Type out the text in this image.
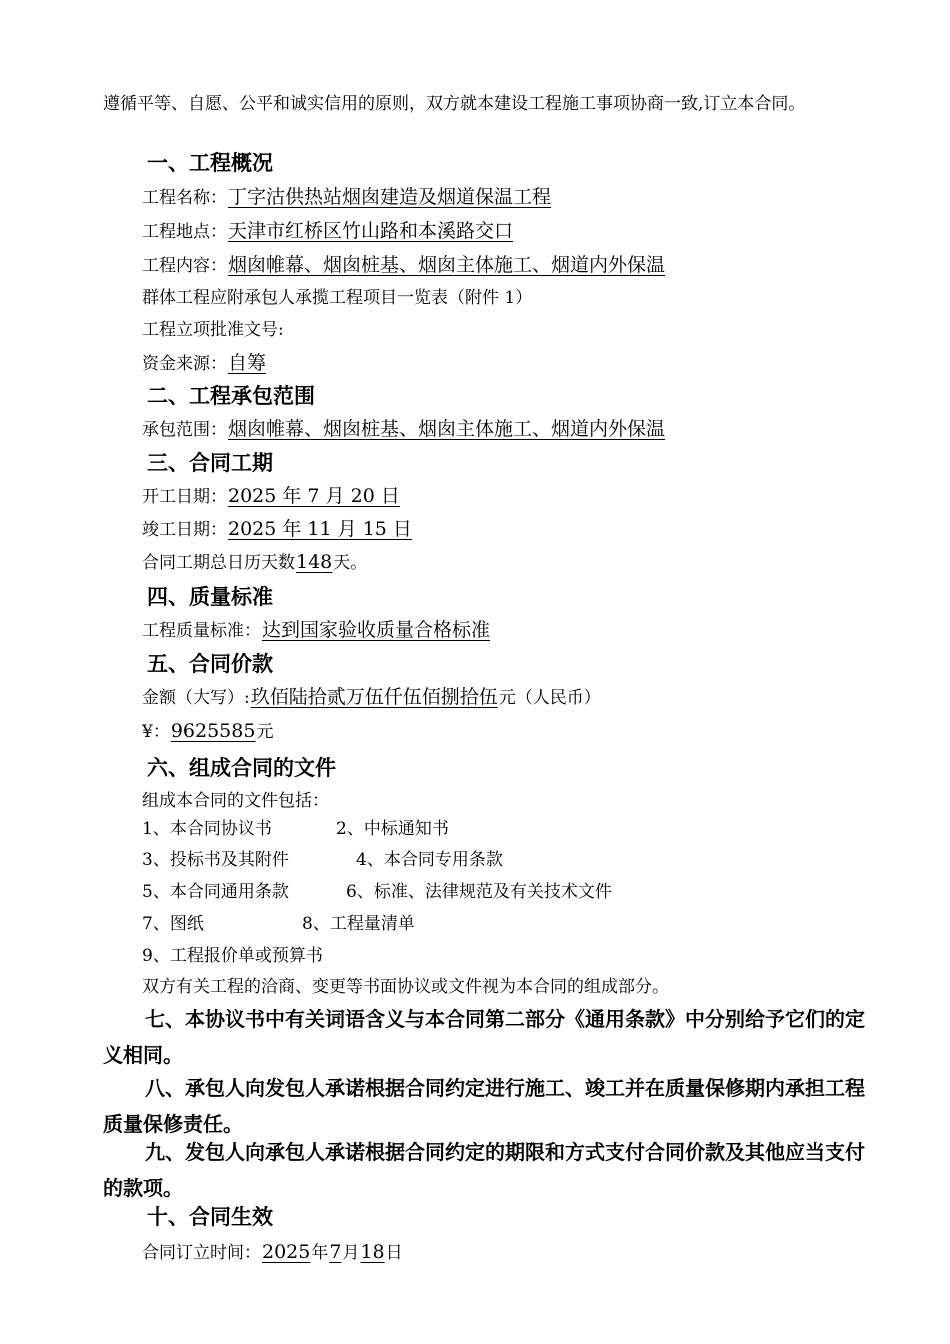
遵循平等、自愿、公平和诚实信用的原则，双方就本建设工程施工事项协商一致,订立本合同。
一、工程概况
工程名称：丁字沽供热站烟囱建造及烟道保温工程
工程地点：天津市红桥区竹山路和本溪路交口
工程内容：烟囱帷幕、烟囱桩基、烟囱主体施工、烟道内外保温
群体工程应附承包人承揽工程项目一览表（附件 1）
工程立项批准文号:
资金来源：自筹
二、工程承包范围
承包范围：烟囱帷幕、烟囱桩基、烟囱主体施工、烟道内外保温
三、合同工期
开工日期：2025 年 7 月 20 日
竣工日期：2025 年 11 月 15 日
合同工期总日历天数148天。
四、质量标准
工程质量标准：达到国家验收质量合格标准
五、合同价款
金额（大写）:玖佰陆拾贰万伍仟伍佰捌拾伍元（人民币）
¥：9625585元
六、组成合同的文件
组成本合同的文件包括：
1、本合同协议书	2、中标通知书
3、投标书及其附件	4、本合同专用条款
5、本合同通用条款	6、标准、法律规范及有关技术文件
7、图纸	8、工程量清单
9、工程报价单或预算书
双方有关工程的洽商、变更等书面协议或文件视为本合同的组成部分。
七、本协议书中有关词语含义与本合同第二部分《通用条款》中分别给予它们的定义相同。
八、承包人向发包人承诺根据合同约定进行施工、竣工并在质量保修期内承担工程质量保修责任。
九、发包人向承包人承诺根据合同约定的期限和方式支付合同价款及其他应当支付的款项。
十、合同生效
合同订立时间：2025年7月18日
